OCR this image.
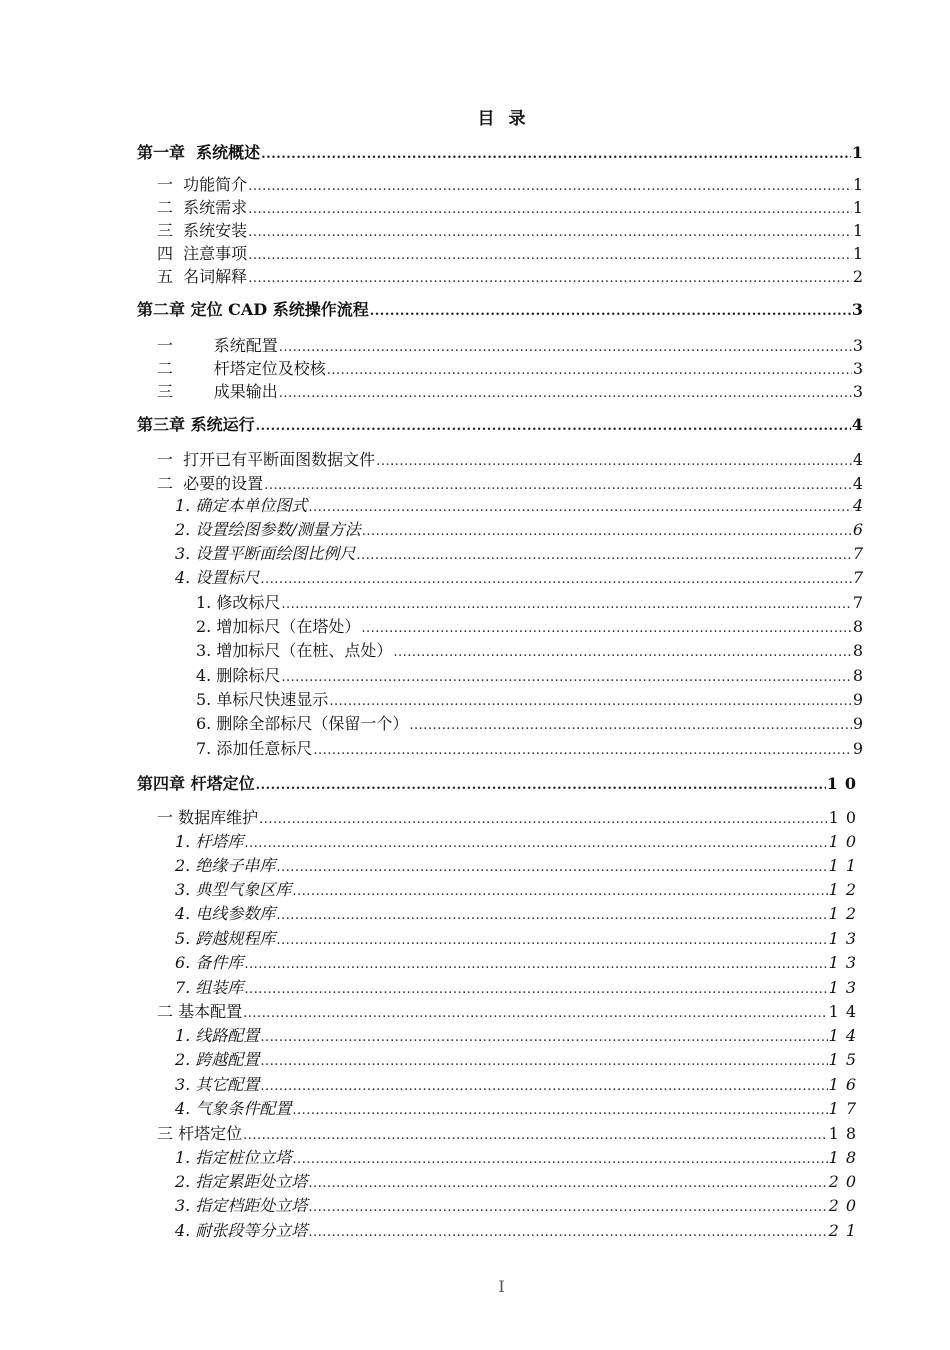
目 录
第一章  系统概述 .....	1
一  功能简介 .....	1
二  系统需求 .....	1
三  系统安装 .....	1
四  注意事项 .....	1
五  名词解释 .....	2
第二章 定位 CAD 系统操作流程 .....	3
一        系统配置 .....	3
二        杆塔定位及校核 .....	3
三        成果输出 .....	3
第三章 系统运行 .....	4
一  打开已有平断面图数据文件 .....	4
二  必要的设置 .....	4
1. 确定本单位图式 .....	4
2. 设置绘图参数/测量方法 .....	6
3. 设置平断面绘图比例尺 .....	7
4. 设置标尺 .....	7
1. 修改标尺 .....	7
2. 增加标尺（在塔处） .....	8
3. 增加标尺（在桩、点处） .....	8
4. 删除标尺 .....	8
5. 单标尺快速显示 .....	9
6. 删除全部标尺（保留一个） .....	9
7. 添加任意标尺 .....	9
第四章 杆塔定位 .....	10
一 数据库维护 .....	10
1. 杆塔库 .....	10
2. 绝缘子串库 .....	11
3. 典型气象区库 .....	12
4. 电线参数库 .....	12
5. 跨越规程库 .....	13
6. 备件库 .....	13
7. 组装库 .....	13
二 基本配置 .....	14
1. 线路配置 .....	14
2. 跨越配置 .....	15
3. 其它配置 .....	16
4. 气象条件配置 .....	17
三 杆塔定位 .....	18
1. 指定桩位立塔 .....	18
2. 指定累距处立塔 .....	20
3. 指定档距处立塔 .....	20
4. 耐张段等分立塔 .....	21
I
